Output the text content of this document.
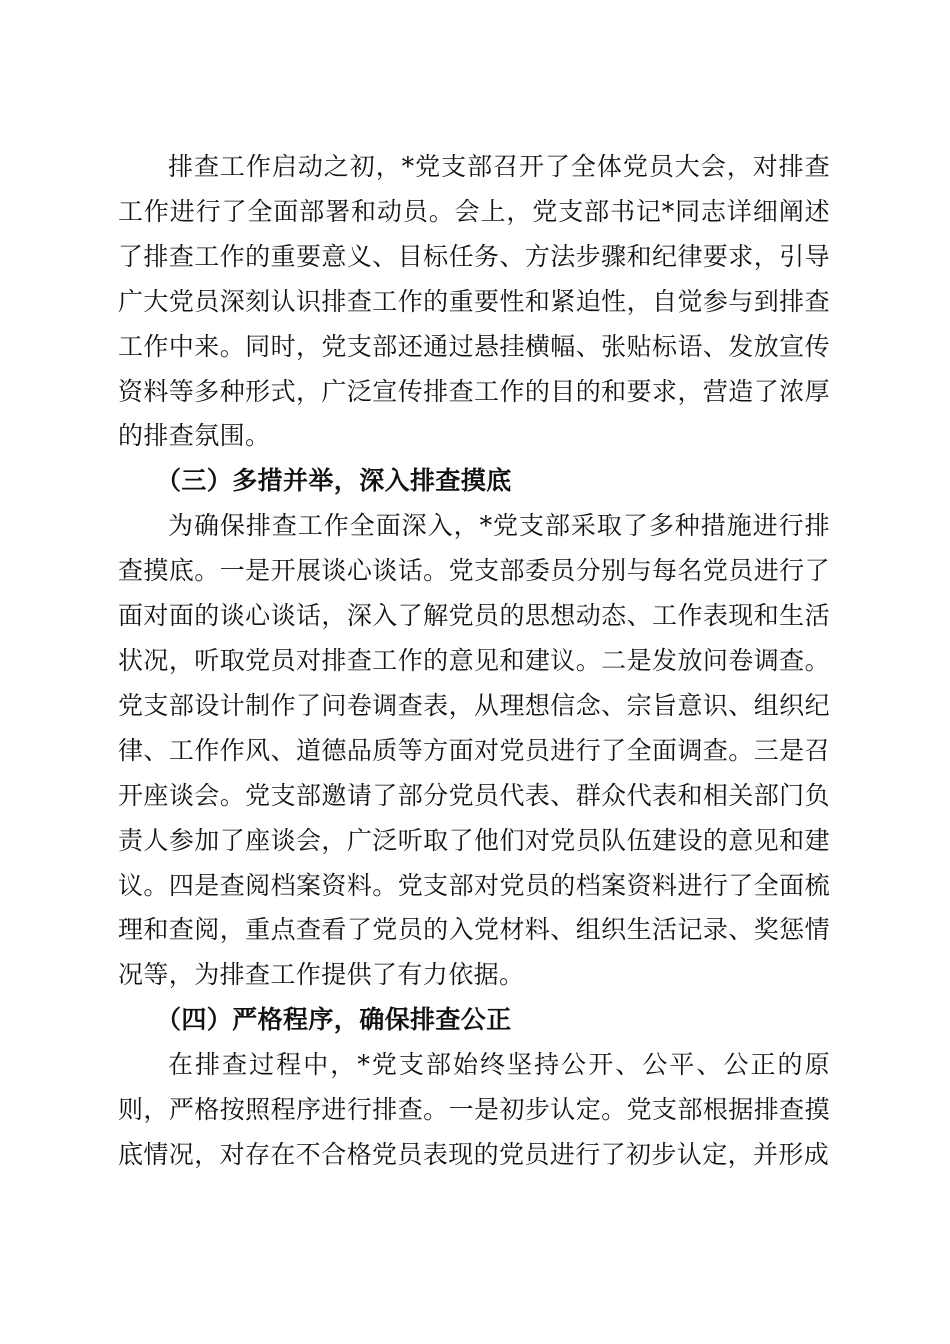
排查工作启动之初，*党支部召开了全体党员大会，对排查工作进行了全面部署和动员。会上，党支部书记*同志详细阐述了排查工作的重要意义、目标任务、方法步骤和纪律要求，引导广大党员深刻认识排查工作的重要性和紧迫性，自觉参与到排查工作中来。同时，党支部还通过悬挂横幅、张贴标语、发放宣传资料等多种形式，广泛宣传排查工作的目的和要求，营造了浓厚的排查氛围。

（三）多措并举，深入排查摸底

为确保排查工作全面深入，*党支部采取了多种措施进行排查摸底。一是开展谈心谈话。党支部委员分别与每名党员进行了面对面的谈心谈话，深入了解党员的思想动态、工作表现和生活状况，听取党员对排查工作的意见和建议。二是发放问卷调查。党支部设计制作了问卷调查表，从理想信念、宗旨意识、组织纪律、工作作风、道德品质等方面对党员进行了全面调查。三是召开座谈会。党支部邀请了部分党员代表、群众代表和相关部门负责人参加了座谈会，广泛听取了他们对党员队伍建设的意见和建议。四是查阅档案资料。党支部对党员的档案资料进行了全面梳理和查阅，重点查看了党员的入党材料、组织生活记录、奖惩情况等，为排查工作提供了有力依据。

（四）严格程序，确保排查公正

在排查过程中，*党支部始终坚持公开、公平、公正的原则，严格按照程序进行排查。一是初步认定。党支部根据排查摸底情况，对存在不合格党员表现的党员进行了初步认定，并形成
